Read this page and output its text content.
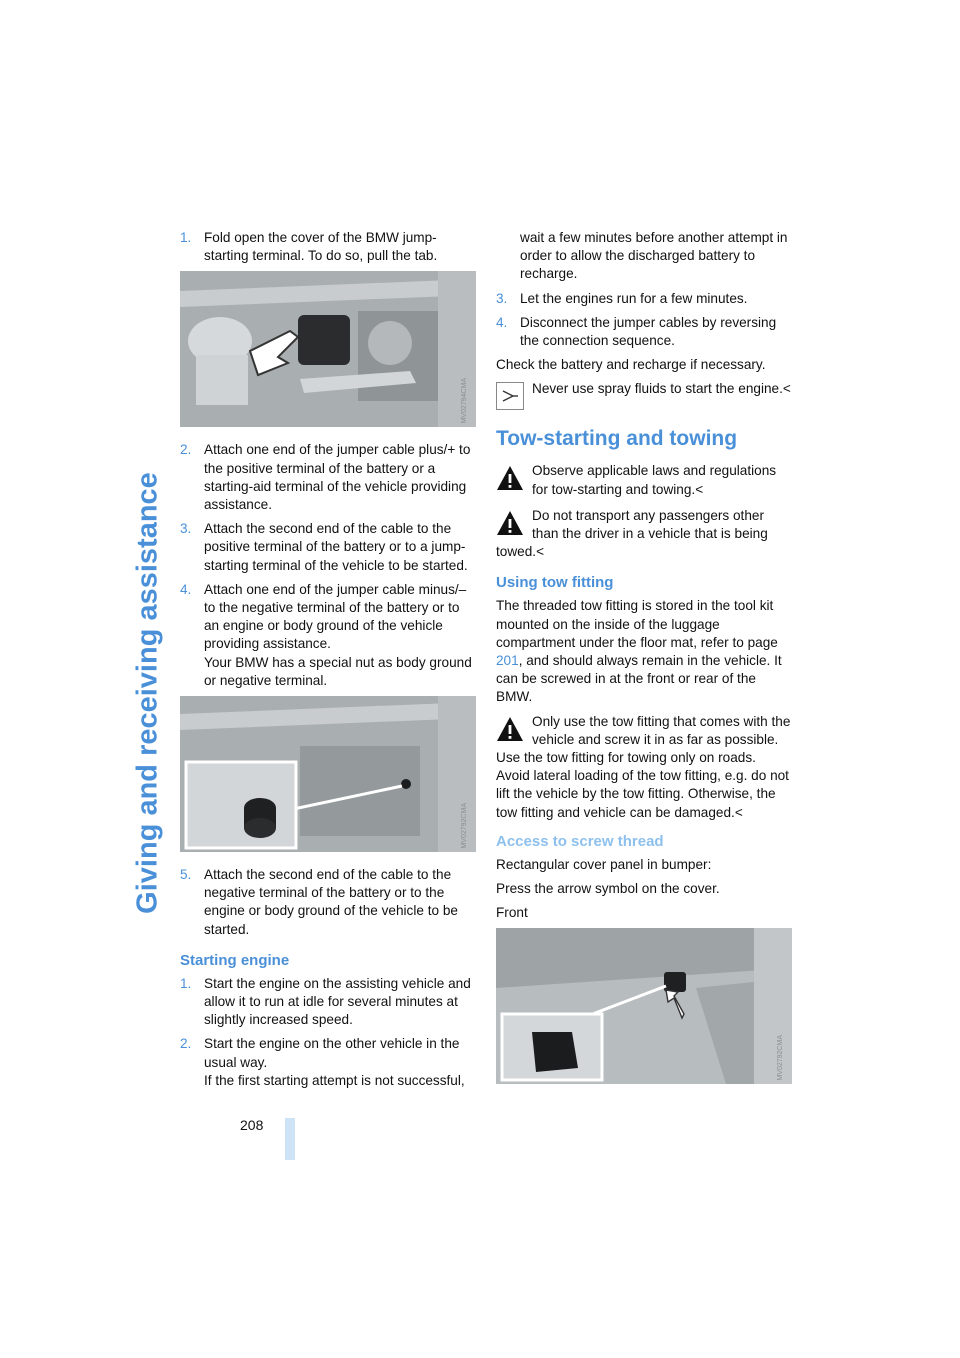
Giving and receiving assistance
208
1. Fold open the cover of the BMW jump-starting terminal. To do so, pull the tab.
MV02794CMA
2. Attach one end of the jumper cable plus/+ to the positive terminal of the battery or a starting-aid terminal of the vehicle providing assistance.
3. Attach the second end of the cable to the positive terminal of the battery or to a jump-starting terminal of the vehicle to be started.
4. Attach one end of the jumper cable minus/– to the negative terminal of the battery or to an engine or body ground of the vehicle providing assistance.
Your BMW has a special nut as body ground or negative terminal.
MV02792CMA
5. Attach the second end of the cable to the negative terminal of the battery or to the engine or body ground of the vehicle to be started.
Starting engine
1. Start the engine on the assisting vehicle and allow it to run at idle for several minutes at slightly increased speed.
2. Start the engine on the other vehicle in the usual way.
If the first starting attempt is not successful,
wait a few minutes before another attempt in order to allow the discharged battery to recharge.
3. Let the engines run for a few minutes.
4. Disconnect the jumper cables by reversing the connection sequence.

Check the battery and recharge if necessary.

Never use spray fluids to start the engine.<
Tow-starting and towing
Observe applicable laws and regulations for tow-starting and towing.<
Do not transport any passengers other than the driver in a vehicle that is being towed.<
Using tow fitting

The threaded tow fitting is stored in the tool kit mounted on the inside of the luggage compartment under the floor mat, refer to page 201, and should always remain in the vehicle. It can be screwed in at the front or rear of the BMW.

Only use the tow fitting that comes with the vehicle and screw it in as far as possible. Use the tow fitting for towing only on roads. Avoid lateral loading of the tow fitting, e.g. do not lift the vehicle by the tow fitting. Otherwise, the tow fitting and vehicle can be damaged.<
Access to screw thread
Rectangular cover panel in bumper:
Press the arrow symbol on the cover.
Front
MV02792CMA
